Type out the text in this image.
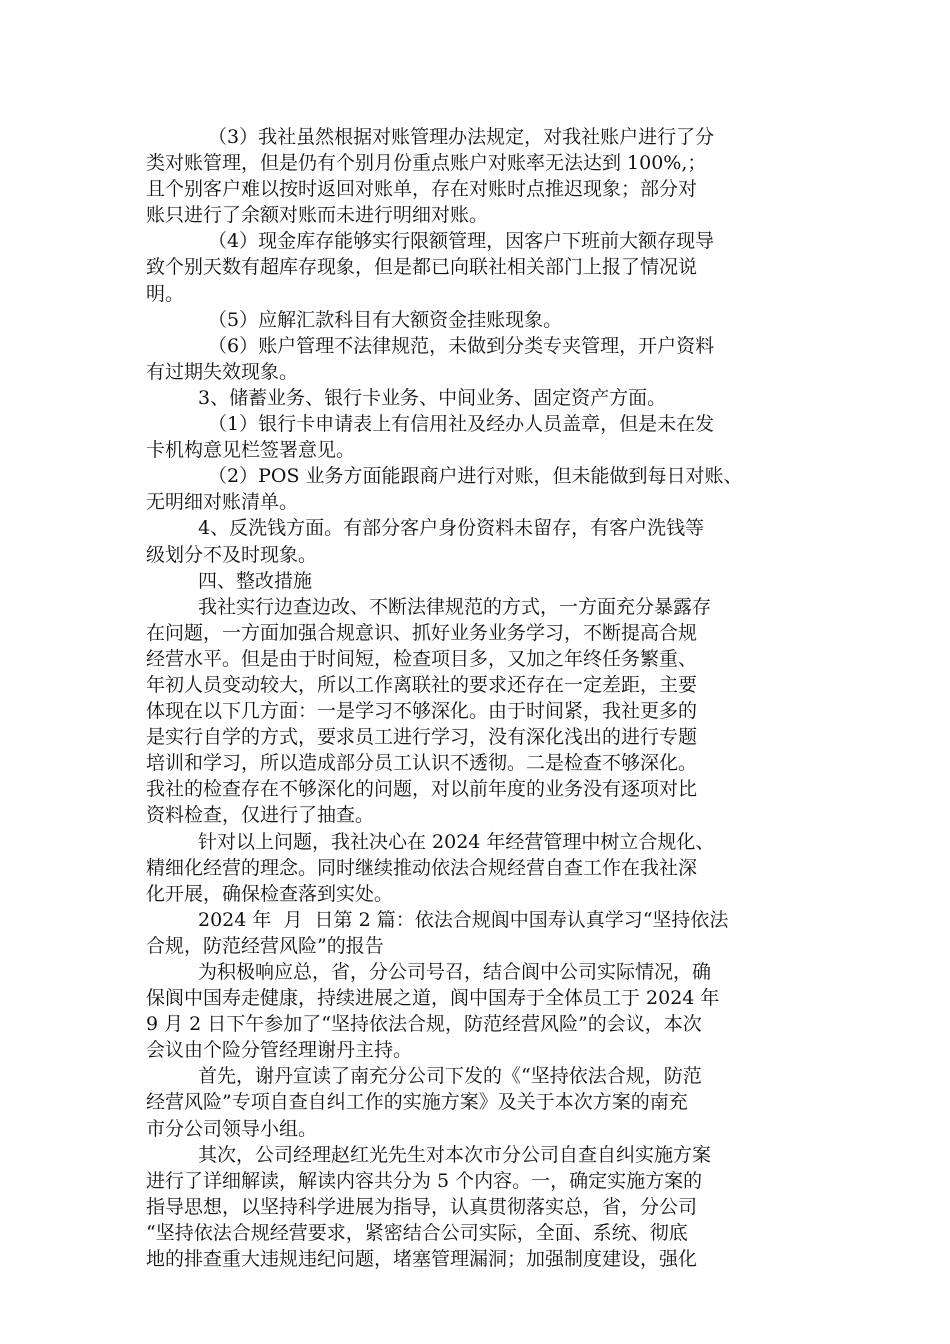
（3）我社虽然根据对账管理办法规定，对我社账户进行了分
类对账管理，但是仍有个别月份重点账户对账率无法达到 100%,；
且个别客户难以按时返回对账单，存在对账时点推迟现象；部分对
账只进行了余额对账而未进行明细对账。
（4）现金库存能够实行限额管理，因客户下班前大额存现导
致个别天数有超库存现象，但是都已向联社相关部门上报了情况说
明。
（5）应解汇款科目有大额资金挂账现象。
（6）账户管理不法律规范，未做到分类专夹管理，开户资料
有过期失效现象。
3、储蓄业务、银行卡业务、中间业务、固定资产方面。
（1）银行卡申请表上有信用社及经办人员盖章，但是未在发
卡机构意见栏签署意见。
（2）POS 业务方面能跟商户进行对账，但未能做到每日对账、
无明细对账清单。
4、反洗钱方面。有部分客户身份资料未留存，有客户洗钱等
级划分不及时现象。
四、整改措施
我社实行边查边改、不断法律规范的方式，一方面充分暴露存
在问题，一方面加强合规意识、抓好业务业务学习，不断提高合规
经营水平。但是由于时间短，检查项目多，又加之年终任务繁重、
年初人员变动较大，所以工作离联社的要求还存在一定差距，主要
体现在以下几方面：一是学习不够深化。由于时间紧，我社更多的
是实行自学的方式，要求员工进行学习，没有深化浅出的进行专题
培训和学习，所以造成部分员工认识不透彻。二是检查不够深化。
我社的检查存在不够深化的问题，对以前年度的业务没有逐项对比
资料检查，仅进行了抽查。
针对以上问题，我社决心在 2024 年经营管理中树立合规化、
精细化经营的理念。同时继续推动依法合规经营自查工作在我社深
化开展，确保检查落到实处。
2024 年  月  日第 2 篇：依法合规阆中国寿认真学习“坚持依法
合规，防范经营风险”的报告
为积极响应总，省，分公司号召，结合阆中公司实际情况，确
保阆中国寿走健康，持续进展之道，阆中国寿于全体员工于 2024 年
9 月 2 日下午参加了“坚持依法合规，防范经营风险”的会议，本次
会议由个险分管经理谢丹主持。
首先，谢丹宣读了南充分公司下发的《“坚持依法合规，防范
经营风险”专项自查自纠工作的实施方案》及关于本次方案的南充
市分公司领导小组。
其次，公司经理赵红光先生对本次市分公司自查自纠实施方案
进行了详细解读，解读内容共分为 5 个内容。一，确定实施方案的
指导思想，以坚持科学进展为指导，认真贯彻落实总，省，分公司
“坚持依法合规经营要求，紧密结合公司实际，全面、系统、彻底
地的排查重大违规违纪问题，堵塞管理漏洞；加强制度建设，强化
